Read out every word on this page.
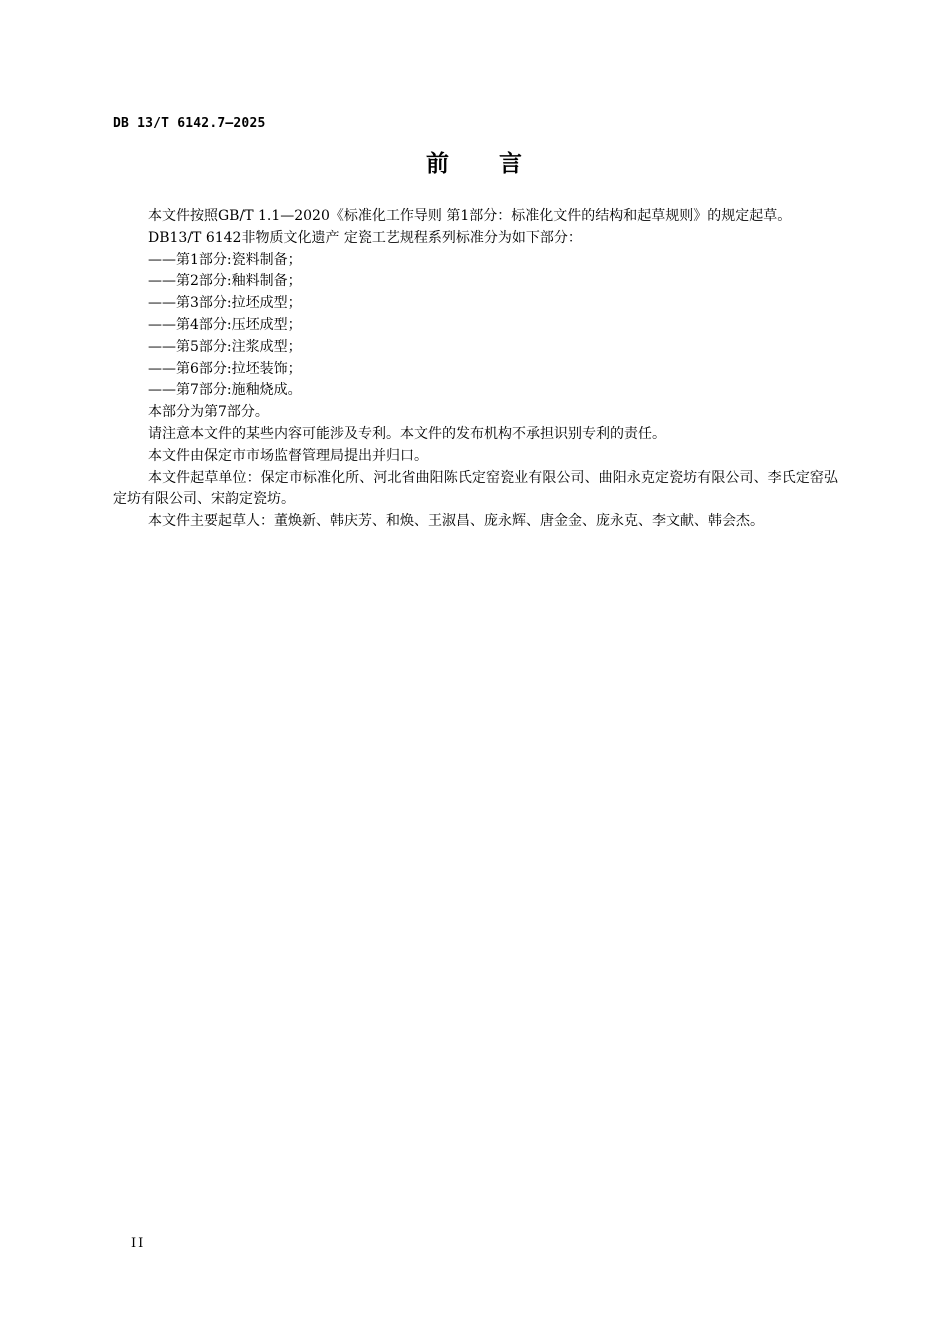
DB 13/T 6142.7—2025
前 言

本文件按照GB/T 1.1—2020《标准化工作导则 第1部分：标准化文件的结构和起草规则》的规定起草。

DB13/T 6142非物质文化遗产 定瓷工艺规程系列标准分为如下部分：

——第1部分:瓷料制备；

——第2部分:釉料制备；

——第3部分:拉坯成型；

——第4部分:压坯成型；

——第5部分:注浆成型；

——第6部分:拉坯装饰；

——第7部分:施釉烧成。

本部分为第7部分。

请注意本文件的某些内容可能涉及专利。本文件的发布机构不承担识别专利的责任。

本文件由保定市市场监督管理局提出并归口。

本文件起草单位：保定市标准化所、河北省曲阳陈氏定窑瓷业有限公司、曲阳永克定瓷坊有限公司、李氏定窑弘定坊有限公司、宋韵定瓷坊。

本文件主要起草人：董焕新、韩庆芳、和焕、王淑昌、庞永辉、唐金金、庞永克、李文献、韩会杰。

II
